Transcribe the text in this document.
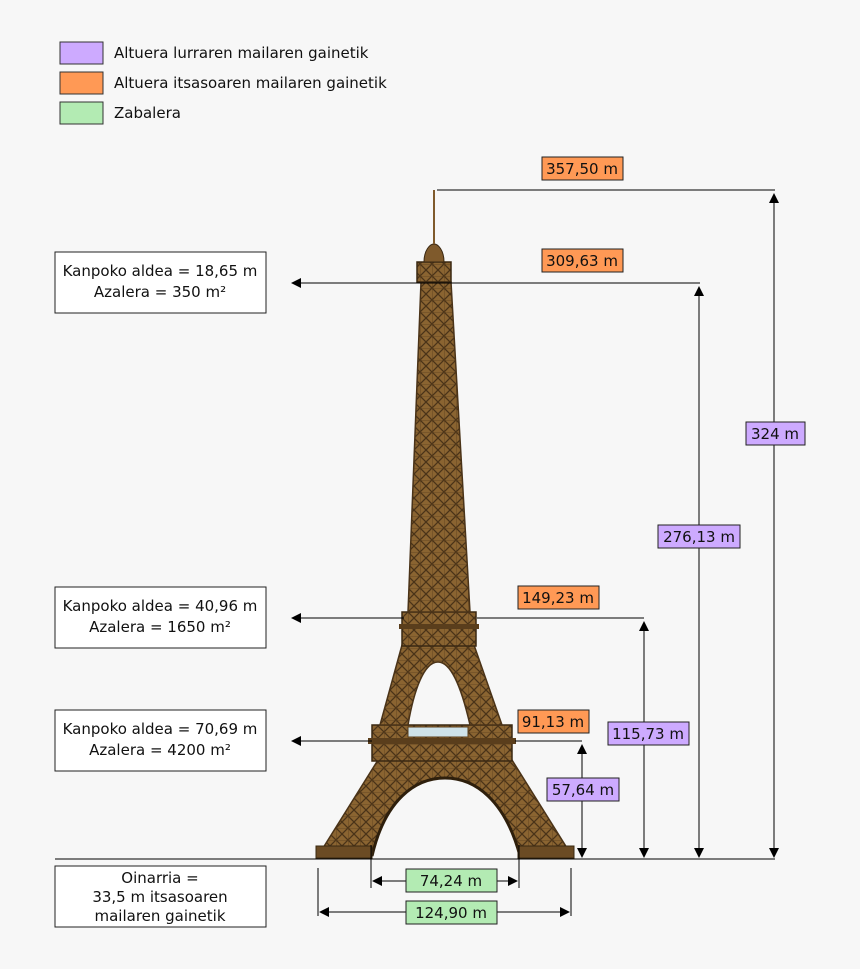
Altuera lurraren mailaren gainetik
Altuera itsasoaren mailaren gainetik
Zabalera
357,50 m
309,63 m
149,23 m
91,13 m
324 m
276,13 m
115,73 m
57,64 m
74,24 m
124,90 m
Kanpoko aldea = 18,65 m
Azalera = 350 m²
Kanpoko aldea = 40,96 m
Azalera = 1650 m²
Kanpoko aldea = 70,69 m
Azalera = 4200 m²
Oinarria =
33,5 m itsasoaren
mailaren gainetik
